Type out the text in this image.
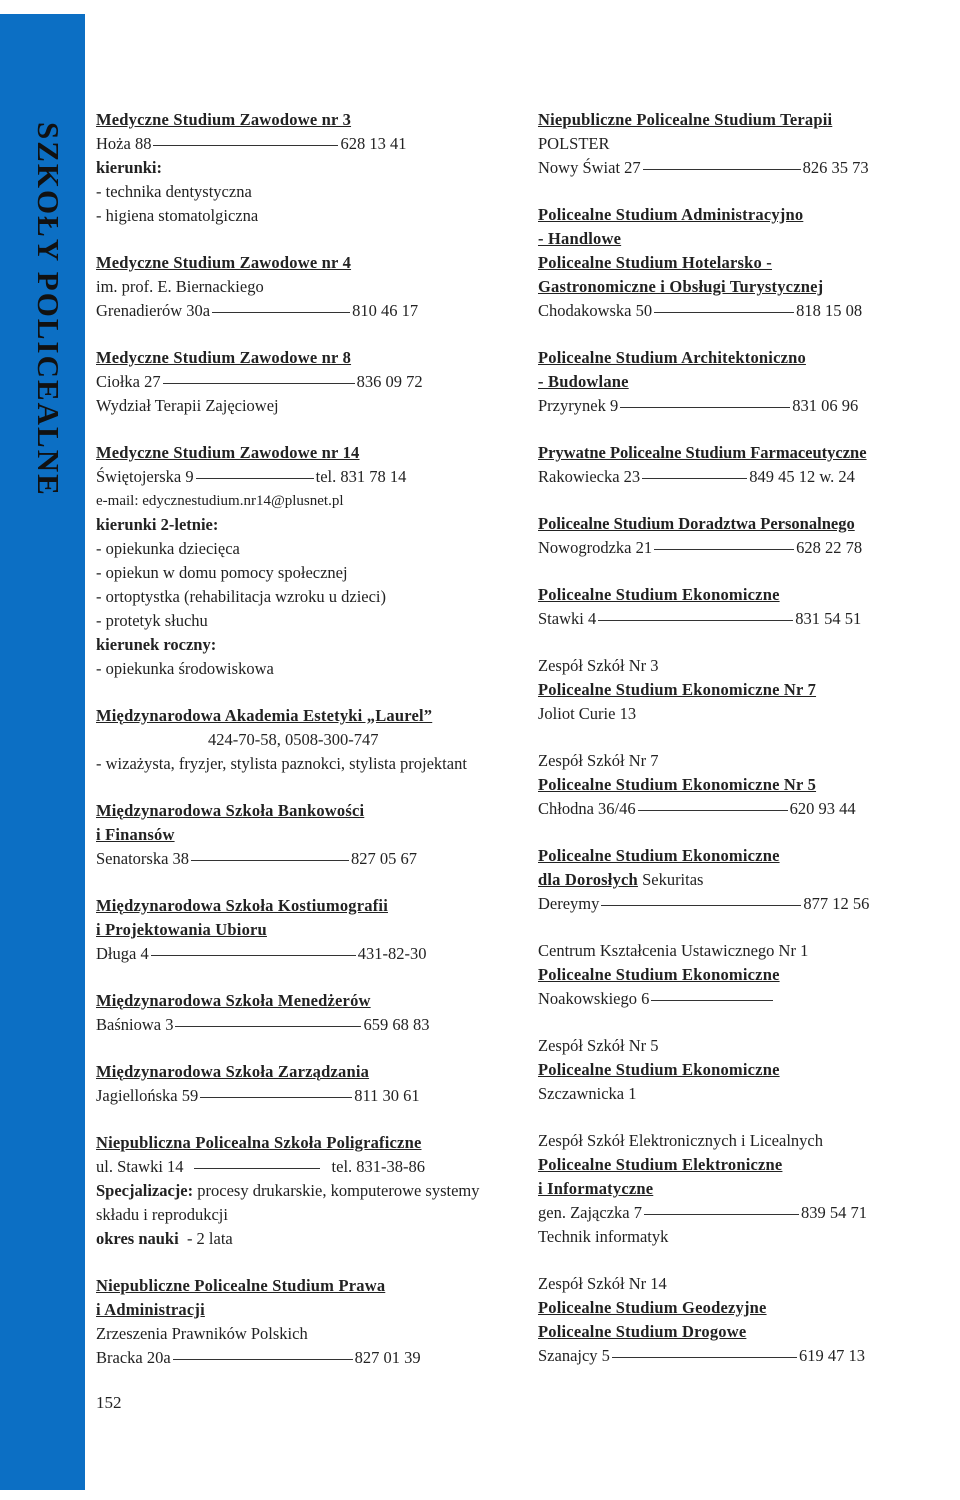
SZKOŁY POLICEALNE
Medyczne Studium Zawodowe nr 3
Hoża 88	628 13 41
kierunki:
- technika dentystyczna
- higiena stomatolgiczna
Medyczne Studium Zawodowe nr 4
im. prof. E. Biernackiego
Grenadierów 30a	810 46 17
Medyczne Studium Zawodowe nr 8
Ciołka 27	836 09 72
Wydział Terapii Zajęciowej
Medyczne Studium Zawodowe nr 14
Świętojerska 9	tel. 831 78 14
e-mail: edycznestudium.nr14@plusnet.pl
kierunki 2-letnie:
- opiekunka dziecięca
- opiekun w domu pomocy społecznej
- ortoptystka (rehabilitacja wzroku u dzieci)
- protetyk słuchu
kierunek roczny:
- opiekunka środowiskowa
Międzynarodowa Akademia Estetyki „Laurel”
424-70-58, 0508-300-747
- wizażysta, fryzjer, stylista paznokci, stylista projektant
Międzynarodowa Szkoła Bankowości
i Finansów
Senatorska 38	827 05 67
Międzynarodowa Szkoła Kostiumografii
i Projektowania Ubioru
Długa 4	431-82-30
Międzynarodowa Szkoła Menedżerów
Baśniowa 3	659 68 83
Międzynarodowa Szkoła Zarządzania
Jagiellońska 59	811 30 61
Niepubliczna Policealna Szkoła Poligraficzne
ul. Stawki 14	tel. 831-38-86
Specjalizacje: procesy drukarskie, komputerowe systemy składu i reprodukcji
okres nauki  - 2 lata
Niepubliczne Policealne Studium Prawa
i Administracji
Zrzeszenia Prawników Polskich
Bracka 20a	827 01 39
152
Niepubliczne Policealne Studium Terapii
POLSTER
Nowy Świat 27	826 35 73
Policealne Studium Administracyjno
- Handlowe
Policealne Studium Hotelarsko -
Gastronomiczne i Obsługi Turystycznej
Chodakowska 50	818 15 08
Policealne Studium Architektoniczno
- Budowlane
Przyrynek 9	831 06 96
Prywatne Policealne Studium Farmaceutyczne
Rakowiecka 23	849 45 12 w. 24
Policealne Studium Doradztwa Personalnego
Nowogrodzka 21	628 22 78
Policealne Studium Ekonomiczne
Stawki 4	831 54 51
Zespół Szkół Nr 3
Policealne Studium Ekonomiczne Nr 7
Joliot Curie 13
Zespół Szkół Nr 7
Policealne Studium Ekonomiczne Nr 5
Chłodna 36/46	620 93 44
Policealne Studium Ekonomiczne
dla Dorosłych Sekuritas
Dereymy	877 12 56
Centrum Kształcenia Ustawicznego Nr 1
Policealne Studium Ekonomiczne
Noakowskiego 6
Zespół Szkół Nr 5
Policealne Studium Ekonomiczne
Szczawnicka 1
Zespół Szkół Elektronicznych i Licealnych
Policealne Studium Elektroniczne
i Informatyczne
gen. Zajączka 7	839 54 71
Technik informatyk
Zespół Szkół Nr 14
Policealne Studium Geodezyjne
Policealne Studium Drogowe
Szanajcy 5	619 47 13
